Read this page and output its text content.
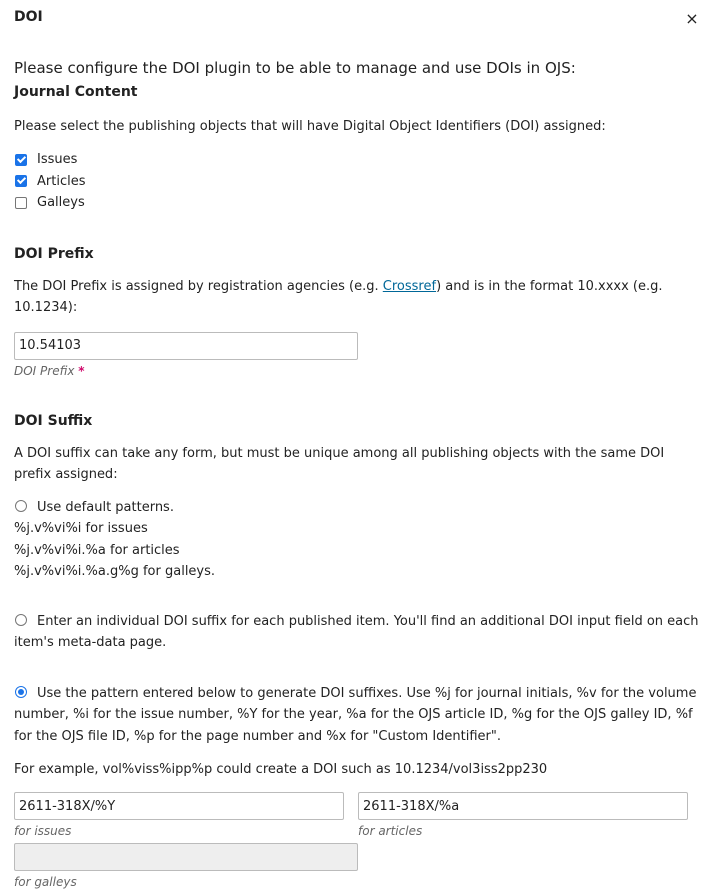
DOI	×

Please configure the DOI plugin to be able to manage and use DOIs in OJS:

Journal Content

Please select the publishing objects that will have Digital Object Identifiers (DOI) assigned:

Issues
Articles
Galleys
DOI Prefix

The DOI Prefix is assigned by registration agencies (e.g. Crossref) and is in the format 10.xxxx (e.g. 10.1234):

10.54103
DOI Prefix *
DOI Suffix

A DOI suffix can take any form, but must be unique among all publishing objects with the same DOI prefix assigned:

Use default patterns.
%j.v%vi%i for issues
%j.v%vi%i.%a for articles
%j.v%vi%i.%a.g%g for galleys.
Enter an individual DOI suffix for each published item. You'll find an additional DOI input field on each item's meta-data page.
Use the pattern entered below to generate DOI suffixes. Use %j for journal initials, %v for the volume number, %i for the issue number, %Y for the year, %a for the OJS article ID, %g for the OJS galley ID, %f for the OJS file ID, %p for the page number and %x for "Custom Identifier".

For example, vol%viss%ipp%p could create a DOI such as 10.1234/vol3iss2pp230

2611-318X/%Y
for issues
2611-318X/%a	for articles
for galleys
